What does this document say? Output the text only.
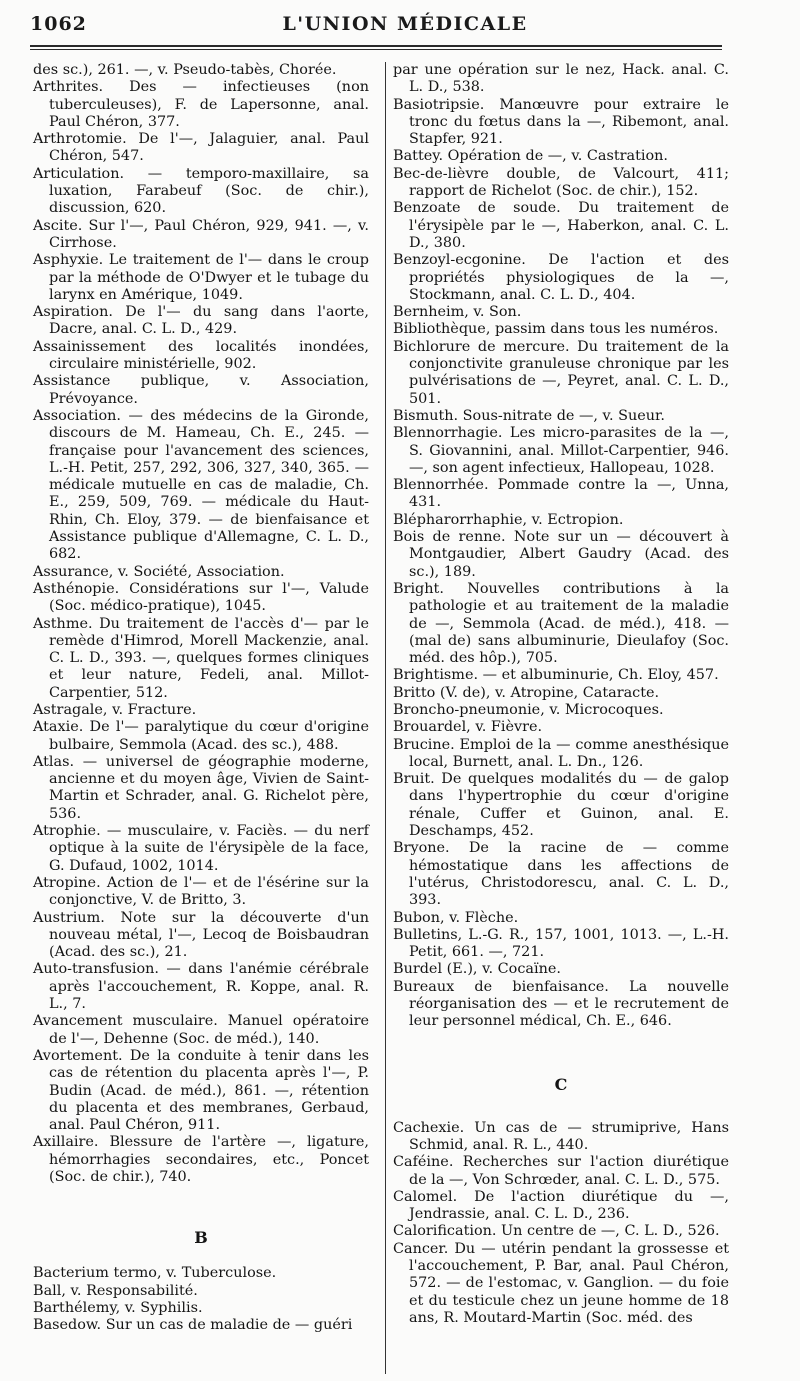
1062	L'UNION MÉDICALE

des sc.), 261. —, v. Pseudo-tabès, Chorée.

Arthrites. Des — infectieuses (non tuberculeuses), F. de Lapersonne, anal. Paul Chéron, 377.

Arthrotomie. De l'—, Jalaguier, anal. Paul Chéron, 547.

Articulation. — temporo-maxillaire, sa luxation, Farabeuf (Soc. de chir.), discussion, 620.

Ascite. Sur l'—, Paul Chéron, 929, 941. —, v. Cirrhose.

Asphyxie. Le traitement de l'— dans le croup par la méthode de O'Dwyer et le tubage du larynx en Amérique, 1049.

Aspiration. De l'— du sang dans l'aorte, Dacre, anal. C. L. D., 429.

Assainissement des localités inondées, circulaire ministérielle, 902.

Assistance publique, v. Association, Prévoyance.

Association. — des médecins de la Gironde, discours de M. Hameau, Ch. E., 245. — française pour l'avancement des sciences, L.-H. Petit, 257, 292, 306, 327, 340, 365. — médicale mutuelle en cas de maladie, Ch. E., 259, 509, 769. — médicale du Haut-Rhin, Ch. Eloy, 379. — de bienfaisance et Assistance publique d'Allemagne, C. L. D., 682.

Assurance, v. Société, Association.

Asthénopie. Considérations sur l'—, Valude (Soc. médico-pratique), 1045.

Asthme. Du traitement de l'accès d'— par le remède d'Himrod, Morell Mackenzie, anal. C. L. D., 393. —, quelques formes cliniques et leur nature, Fedeli, anal. Millot-Carpentier, 512.

Astragale, v. Fracture.

Ataxie. De l'— paralytique du cœur d'origine bulbaire, Semmola (Acad. des sc.), 488.

Atlas. — universel de géographie moderne, ancienne et du moyen âge, Vivien de Saint-Martin et Schrader, anal. G. Richelot père, 536.

Atrophie. — musculaire, v. Faciès. — du nerf optique à la suite de l'érysipèle de la face, G. Dufaud, 1002, 1014.

Atropine. Action de l'— et de l'ésérine sur la conjonctive, V. de Britto, 3.

Austrium. Note sur la découverte d'un nouveau métal, l'—, Lecoq de Boisbaudran (Acad. des sc.), 21.

Auto-transfusion. — dans l'anémie cérébrale après l'accouchement, R. Koppe, anal. R. L., 7.

Avancement musculaire. Manuel opératoire de l'—, Dehenne (Soc. de méd.), 140.

Avortement. De la conduite à tenir dans les cas de rétention du placenta après l'—, P. Budin (Acad. de méd.), 861. —, rétention du placenta et des membranes, Gerbaud, anal. Paul Chéron, 911.

Axillaire. Blessure de l'artère —, ligature, hémorrhagies secondaires, etc., Poncet (Soc. de chir.), 740.

B

Bacterium termo, v. Tuberculose.

Ball, v. Responsabilité.

Barthélemy, v. Syphilis.

Basedow. Sur un cas de maladie de — guéri

par une opération sur le nez, Hack. anal. C. L. D., 538.

Basiotripsie. Manœuvre pour extraire le tronc du fœtus dans la —, Ribemont, anal. Stapfer, 921.

Battey. Opération de —, v. Castration.

Bec-de-lièvre double, de Valcourt, 411; rapport de Richelot (Soc. de chir.), 152.

Benzoate de soude. Du traitement de l'érysipèle par le —, Haberkon, anal. C. L. D., 380.

Benzoyl-ecgonine. De l'action et des propriétés physiologiques de la —, Stockmann, anal. C. L. D., 404.

Bernheim, v. Son.

Bibliothèque, passim dans tous les numéros.

Bichlorure de mercure. Du traitement de la conjonctivite granuleuse chronique par les pulvérisations de —, Peyret, anal. C. L. D., 501.

Bismuth. Sous-nitrate de —, v. Sueur.

Blennorrhagie. Les micro-parasites de la —, S. Giovannini, anal. Millot-Carpentier, 946. —, son agent infectieux, Hallopeau, 1028.

Blennorrhée. Pommade contre la —, Unna, 431.

Blépharorrhaphie, v. Ectropion.

Bois de renne. Note sur un — découvert à Montgaudier, Albert Gaudry (Acad. des sc.), 189.

Bright. Nouvelles contributions à la pathologie et au traitement de la maladie de —, Semmola (Acad. de méd.), 418. — (mal de) sans albuminurie, Dieulafoy (Soc. méd. des hôp.), 705.

Brightisme. — et albuminurie, Ch. Eloy, 457.

Britto (V. de), v. Atropine, Cataracte.

Broncho-pneumonie, v. Microcoques.

Brouardel, v. Fièvre.

Brucine. Emploi de la — comme anesthésique local, Burnett, anal. L. Dn., 126.

Bruit. De quelques modalités du — de galop dans l'hypertrophie du cœur d'origine rénale, Cuffer et Guinon, anal. E. Deschamps, 452.

Bryone. De la racine de — comme hémostatique dans les affections de l'utérus, Christodorescu, anal. C. L. D., 393.

Bubon, v. Flèche.

Bulletins, L.-G. R., 157, 1001, 1013. —, L.-H. Petit, 661. —, 721.

Burdel (E.), v. Cocaïne.

Bureaux de bienfaisance. La nouvelle réorganisation des — et le recrutement de leur personnel médical, Ch. E., 646.

C

Cachexie. Un cas de — strumiprive, Hans Schmid, anal. R. L., 440.

Caféine. Recherches sur l'action diurétique de la —, Von Schrœder, anal. C. L. D., 575.

Calomel. De l'action diurétique du —, Jendrassie, anal. C. L. D., 236.

Calorification. Un centre de —, C. L. D., 526.

Cancer. Du — utérin pendant la grossesse et l'accouchement, P. Bar, anal. Paul Chéron, 572. — de l'estomac, v. Ganglion. — du foie et du testicule chez un jeune homme de 18 ans, R. Moutard-Martin (Soc. méd. des
